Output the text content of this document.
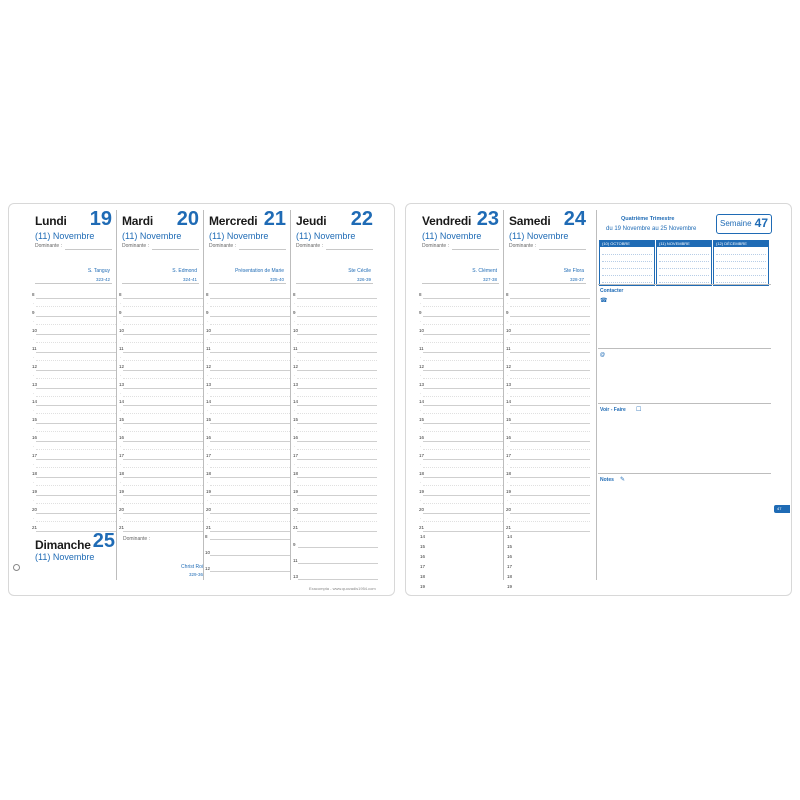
Lundi 19
(11) Novembre
Dominante :
S. Tanguy
323-42
8
·
9
·
10
·
11
·
12
·
13
·
14
·
15
·
16
·
17
·
18
·
19
·
20
·
21
Mardi 20
(11) Novembre
Dominante :
S. Edmond
324-41
8
·
9
·
10
·
11
·
12
·
13
·
14
·
15
·
16
·
17
·
18
·
19
·
20
·
21
Mercredi 21
(11) Novembre
Dominante :
Présentation de Marie
325-40
8
·
9
·
10
·
11
·
12
·
13
·
14
·
15
·
16
·
17
·
18
·
19
·
20
·
21
Jeudi 22
(11) Novembre
Dominante :
Ste Cécile
326-39
8
·
9
·
10
·
11
·
12
·
13
·
14
·
15
·
16
·
17
·
18
·
19
·
20
·
21
Dimanche 25
(11) Novembre
Dominante :
Christ Roi
329-36
8
9
10
11
12
13
Exacompta - www.quovadis1954.com
Vendredi 23
(11) Novembre
Dominante :
S. Clément
327-38
8
·
9
·
10
·
11
·
12
·
13
·
14
·
15
·
16
·
17
·
18
·
19
·
20
·
21
Samedi 24
(11) Novembre
Dominante :
Ste Flora
328-37
8
·
9
·
10
·
11
·
12
·
13
·
14
·
15
·
16
·
17
·
18
·
19
·
20
·
21
14	14
15	15
16	16
17	17
18	18
19	19
Quatrième Trimestre
du 19 Novembre au 25 Novembre
Semaine 47
(10) OCTOBRE	(11) NOVEMBRE	(12) DÉCEMBRE
Contacter
☎
@
Voir - Faire ☐
Notes ✎
47
